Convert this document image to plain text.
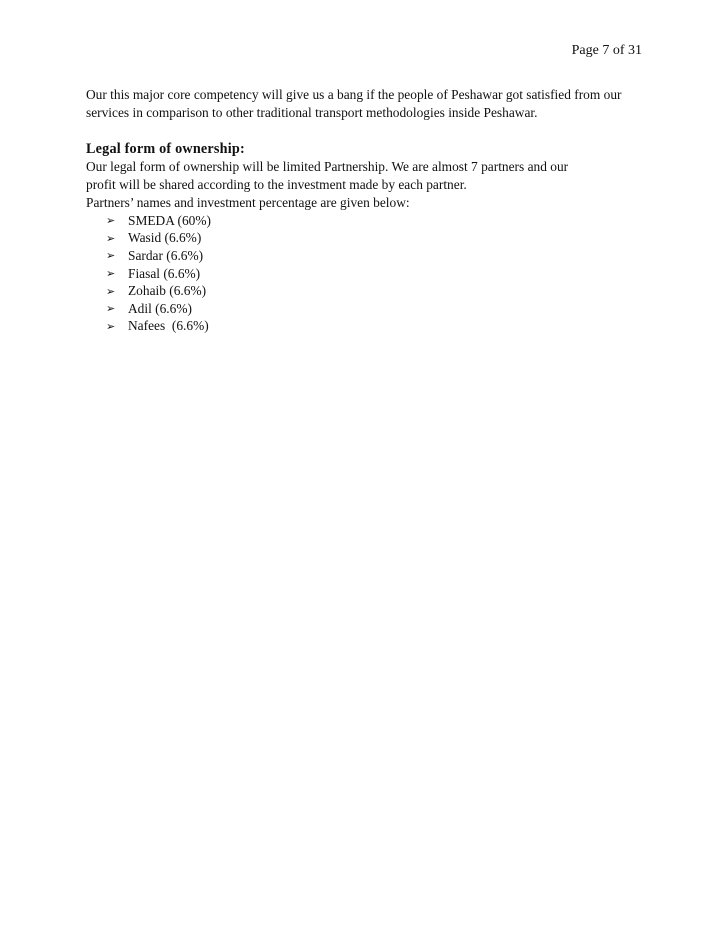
Page 7 of 31

Our this major core competency will give us a bang if the people of Peshawar got satisfied from our services in comparison to other traditional transport methodologies inside Peshawar.

Legal form of ownership:

Our legal form of ownership will be limited Partnership. We are almost 7 partners and our

profit will be shared according to the investment made by each partner.

Partners’ names and investment percentage are given below:

➢ SMEDA (60%)
➢ Wasid (6.6%)
➢ Sardar (6.6%)
➢ Fiasal (6.6%)
➢ Zohaib (6.6%)
➢ Adil (6.6%)
➢ Nafees  (6.6%)
